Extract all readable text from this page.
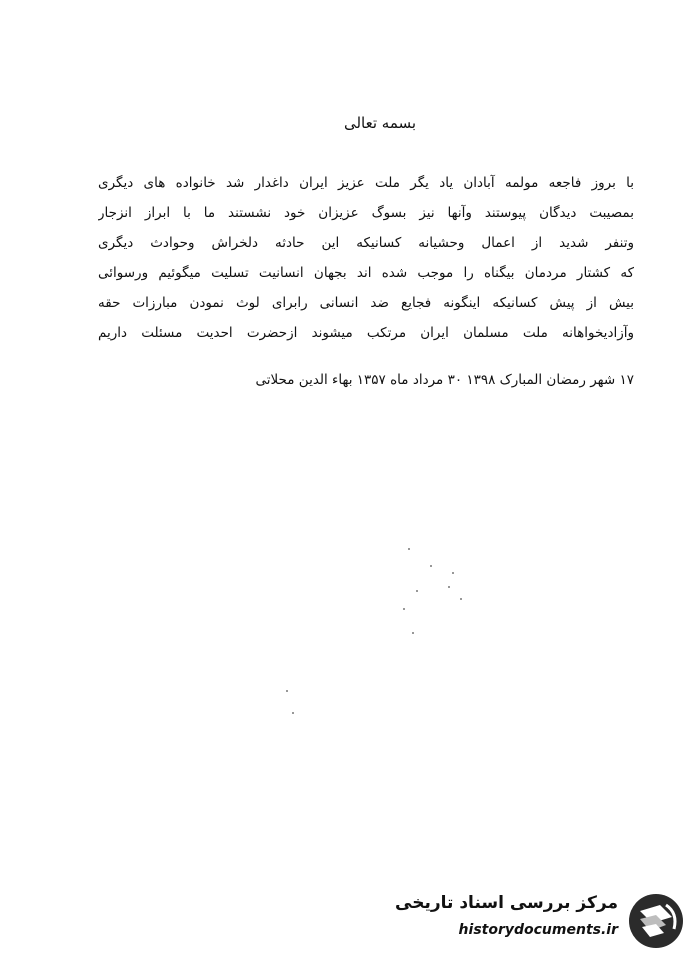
بسمه تعالی
با بروز فاجعه مولمه آبادان یاد یگر ملت عزیز ایران داغدار شد خانواده های دیگری
بمصیبت دیدگان پیوستند وآنها نیز بسوگ عزیزان خود نشستند ما با ابراز انزجار
وتنفر شدید از اعمال وحشیانه کسانیکه این حادثه دلخراش وحوادث دیگری
که کشتار مردمان بیگناه را موجب شده اند بجهان انسانیت تسلیت میگوئیم ورسوائی
بیش از پیش کسانیکه اینگونه فجایع ضد انسانی رابرای لوث نمودن مبارزات حقه
وآزادیخواهانه ملت مسلمان ایران مرتکب میشوند ازحضرت احدیت مسئلت داریم
۱۷ شهر رمضان المبارک ۱۳۹۸ ۳۰ مرداد ماه ۱۳۵۷ بهاء الدین محلاتی
مرکز بررسی اسناد تاریخی
historydocuments.ir
